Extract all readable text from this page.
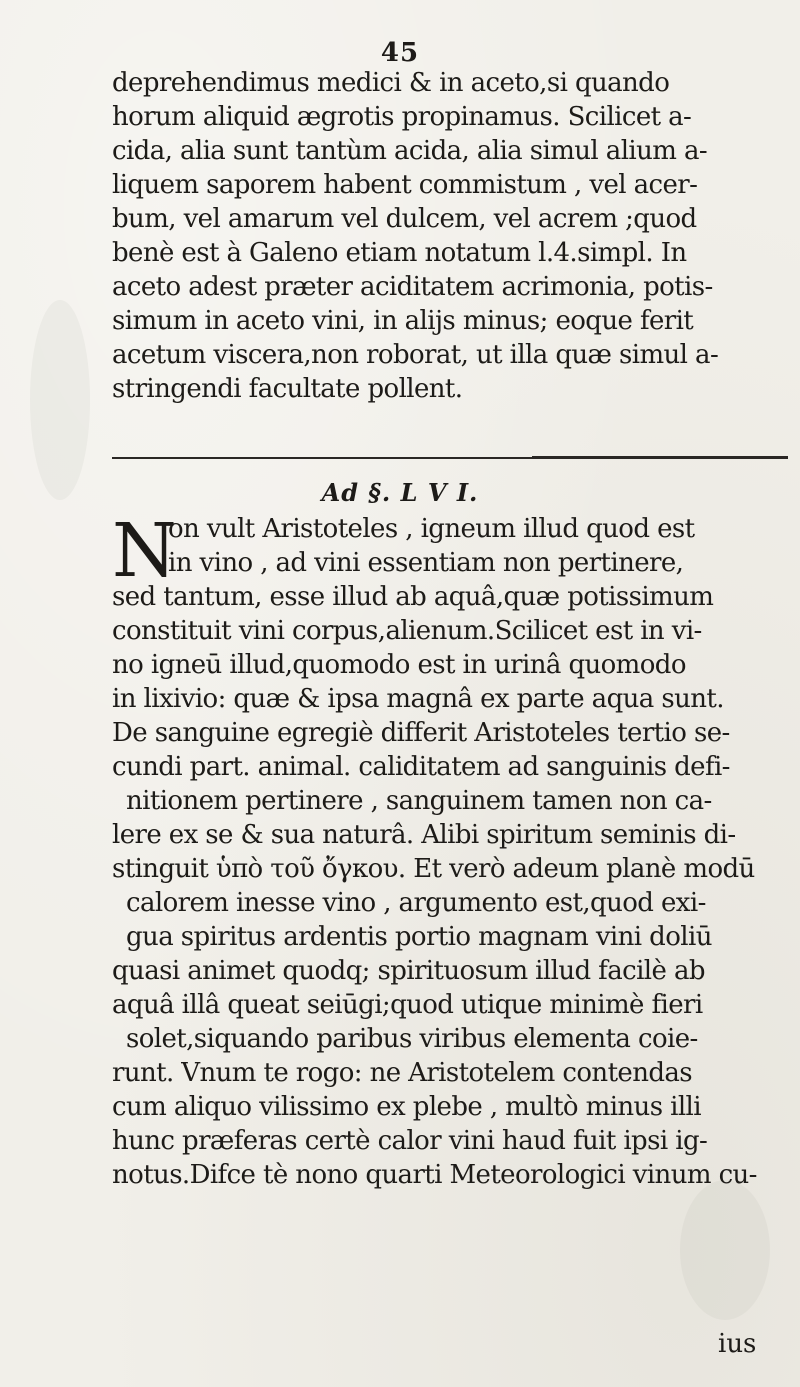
45
deprehendimus medici & in aceto,si quando
horum aliquid ægrotis propinamus. Scilicet a-
cida, alia sunt tantùm acida, alia simul alium a-
liquem saporem habent commistum , vel acer-
bum, vel amarum vel dulcem, vel acrem ;quod
benè est à Galeno etiam notatum l.4.simpl. In
aceto adest præter aciditatem acrimonia, potis-
simum in aceto vini, in alijs minus; eoque ferit
acetum viscera,non roborat, ut illa quæ simul a-
stringendi facultate pollent.
Ad §. L V I.
N
on vult Aristoteles , igneum illud quod est
in vino , ad vini essentiam non pertinere,
sed tantum, esse illud ab aquâ,quæ potissimum
constituit vini corpus,alienum.Scilicet est in vi-
no igneū illud,quomodo est in urinâ quomodo
in lixivio: quæ & ipsa magnâ ex parte aqua sunt.
De sanguine egregiè differit Aristoteles tertio se-
cundi part. animal. caliditatem ad sanguinis defi-
nitionem pertinere , sanguinem tamen non ca-
lere ex se & sua naturâ. Alibi spiritum seminis di-
stinguit ὑπὸ τοῦ ὄγκου. Et verò adeum planè modū
calorem inesse vino , argumento est,quod exi-
gua spiritus ardentis portio magnam vini doliū
quasi animet quodq; spirituosum illud facilè ab
aquâ illâ queat seiūgi;quod utique minimè fieri
solet,siquando paribus viribus elementa coie-
runt. Vnum te rogo: ne Aristotelem contendas
cum aliquo vilissimo ex plebe , multò minus illi
hunc præferas certè calor vini haud fuit ipsi ig-
notus.Difce tè nono quarti Meteorologici vinum cu-
ius
